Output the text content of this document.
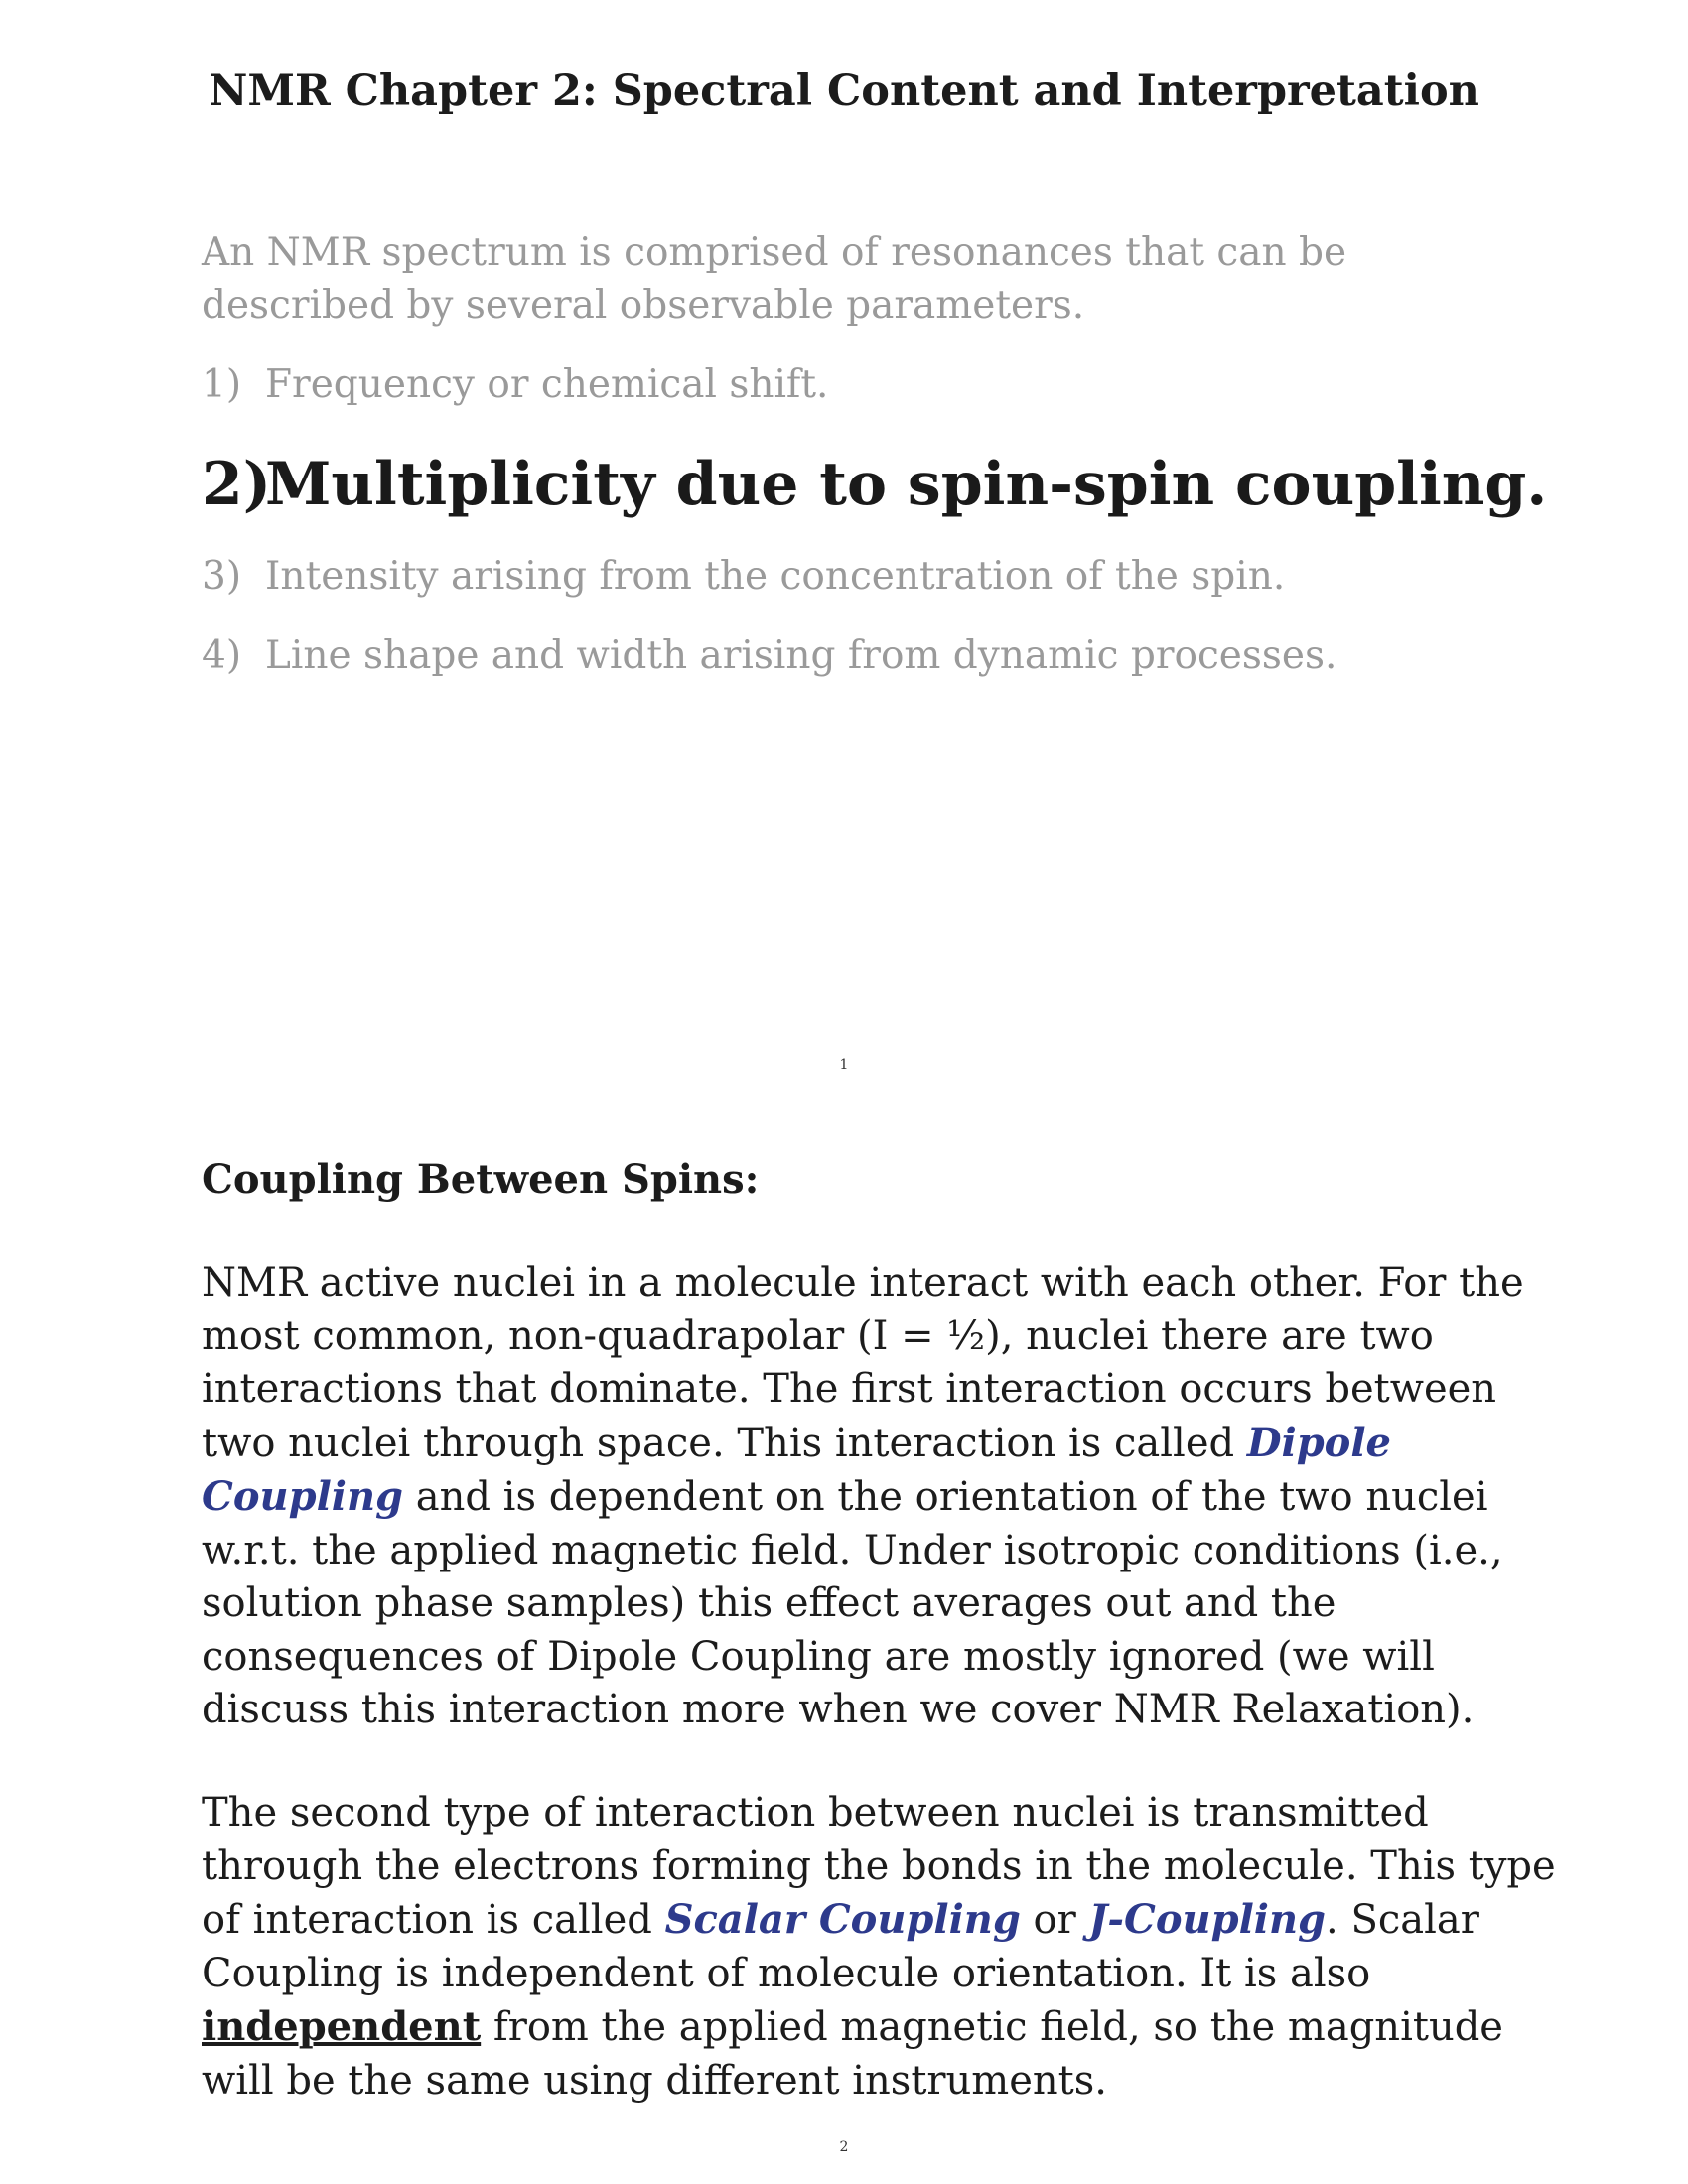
NMR Chapter 2: Spectral Content and Interpretation
An NMR spectrum is comprised of resonances that can be
described by several observable parameters.
1) Frequency or chemical shift.
2)Multiplicity due to spin-spin coupling.
3) Intensity arising from the concentration of the spin.
4) Line shape and width arising from dynamic processes.
1
Coupling Between Spins:

NMR active nuclei in a molecule interact with each other. For the
most common, non-quadrapolar (I = ½), nuclei there are two
interactions that dominate. The first interaction occurs between
two nuclei through space. This interaction is called Dipole
Coupling and is dependent on the orientation of the two nuclei
w.r.t. the applied magnetic field. Under isotropic conditions (i.e.,
solution phase samples) this effect averages out and the
consequences of Dipole Coupling are mostly ignored (we will
discuss this interaction more when we cover NMR Relaxation).

The second type of interaction between nuclei is transmitted
through the electrons forming the bonds in the molecule. This type
of interaction is called Scalar Coupling or J-Coupling. Scalar
Coupling is independent of molecule orientation. It is also
independent from the applied magnetic field, so the magnitude
will be the same using different instruments.

2
